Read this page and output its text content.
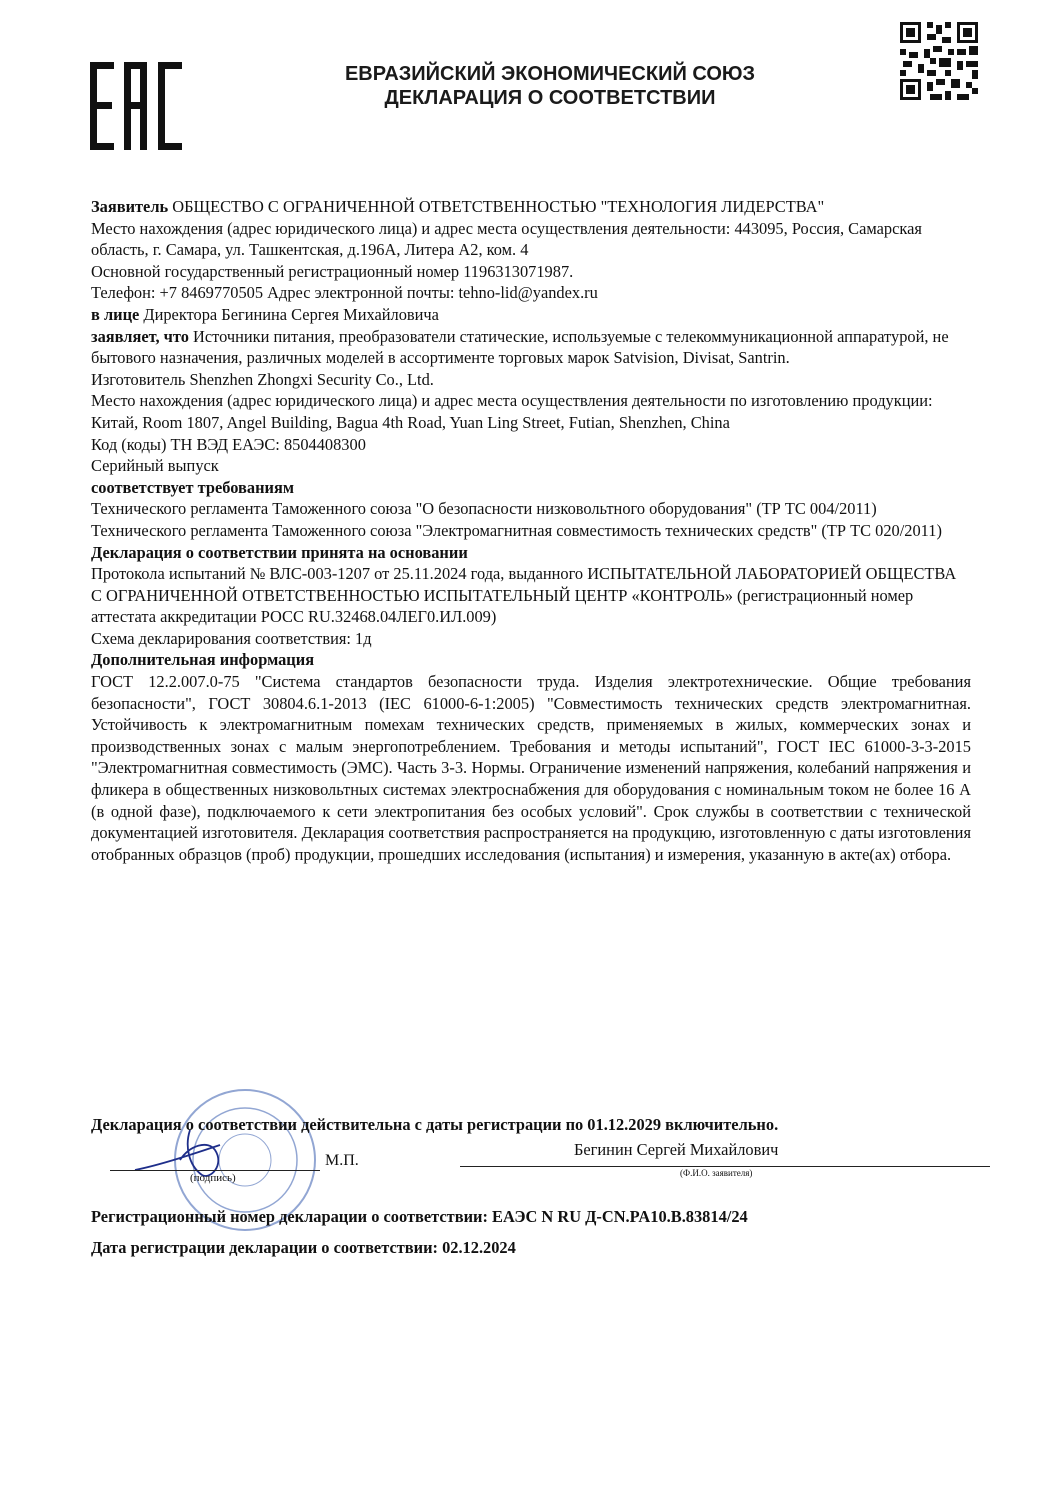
ЕВРАЗИЙСКИЙ ЭКОНОМИЧЕСКИЙ СОЮЗ
ДЕКЛАРАЦИЯ О СООТВЕТСТВИИ

Заявитель ОБЩЕСТВО С ОГРАНИЧЕННОЙ ОТВЕТСТВЕННОСТЬЮ "ТЕХНОЛОГИЯ ЛИДЕРСТВА"

Место нахождения (адрес юридического лица) и адрес места осуществления деятельности: 443095, Россия, Самарская область, г. Самара, ул. Ташкентская, д.196А, Литера А2, ком. 4

Основной государственный регистрационный номер 1196313071987.

Телефон: +7 8469770505 Адрес электронной почты: tehno-lid@yandex.ru

в лице Директора Бегинина Сергея Михайловича

заявляет, что Источники питания, преобразователи статические, используемые с телекоммуникационной аппаратурой, не бытового назначения, различных моделей в ассортименте торговых марок Satvision, Divisat, Santrin.

Изготовитель Shenzhen Zhongxi Security Co., Ltd.

Место нахождения (адрес юридического лица) и адрес места осуществления деятельности по изготовлению продукции: Китай, Room 1807, Angel Building, Bagua 4th Road, Yuan Ling Street, Futian, Shenzhen, China

Код (коды) ТН ВЭД ЕАЭС: 8504408300

Серийный выпуск

соответствует требованиям

Технического регламента Таможенного союза "О безопасности низковольтного оборудования" (ТР ТС 004/2011)

Технического регламента Таможенного союза "Электромагнитная совместимость технических средств" (ТР ТС 020/2011)

Декларация о соответствии принята на основании

Протокола испытаний № ВЛС-003-1207 от 25.11.2024 года, выданного ИСПЫТАТЕЛЬНОЙ ЛАБОРАТОРИЕЙ ОБЩЕСТВА С ОГРАНИЧЕННОЙ ОТВЕТСТВЕННОСТЬЮ ИСПЫТАТЕЛЬНЫЙ ЦЕНТР «КОНТРОЛЬ» (регистрационный номер аттестата аккредитации РОСС RU.32468.04ЛЕГ0.ИЛ.009)

Схема декларирования соответствия: 1д

Дополнительная информация

ГОСТ 12.2.007.0-75 "Система стандартов безопасности труда. Изделия электротехнические. Общие требования безопасности", ГОСТ 30804.6.1-2013 (IEC 61000-6-1:2005) "Совместимость технических средств электромагнитная. Устойчивость к электромагнитным помехам технических средств, применяемых в жилых, коммерческих зонах и производственных зонах с малым энергопотреблением. Требования и методы испытаний", ГОСТ IEC 61000-3-3-2015 "Электромагнитная совместимость (ЭМС). Часть 3-3. Нормы. Ограничение изменений напряжения, колебаний напряжения и фликера в общественных низковольтных системах электроснабжения для оборудования с номинальным током не более 16 А (в одной фазе), подключаемого к сети электропитания без особых условий". Срок службы в соответствии с технической документацией изготовителя. Декларация соответствия распространяется на продукцию, изготовленную с даты изготовления отобранных образцов (проб) продукции, прошедших исследования (испытания) и измерения, указанную в акте(ах) отбора.

Декларация о соответствии действительна с даты регистрации по 01.12.2029 включительно.
(подпись)
М.П.
Бегинин Сергей Михайлович
(Ф.И.О. заявителя)
Регистрационный номер декларации о соответствии: ЕАЭС N RU Д-CN.PA10.B.83814/24
Дата регистрации декларации о соответствии: 02.12.2024
